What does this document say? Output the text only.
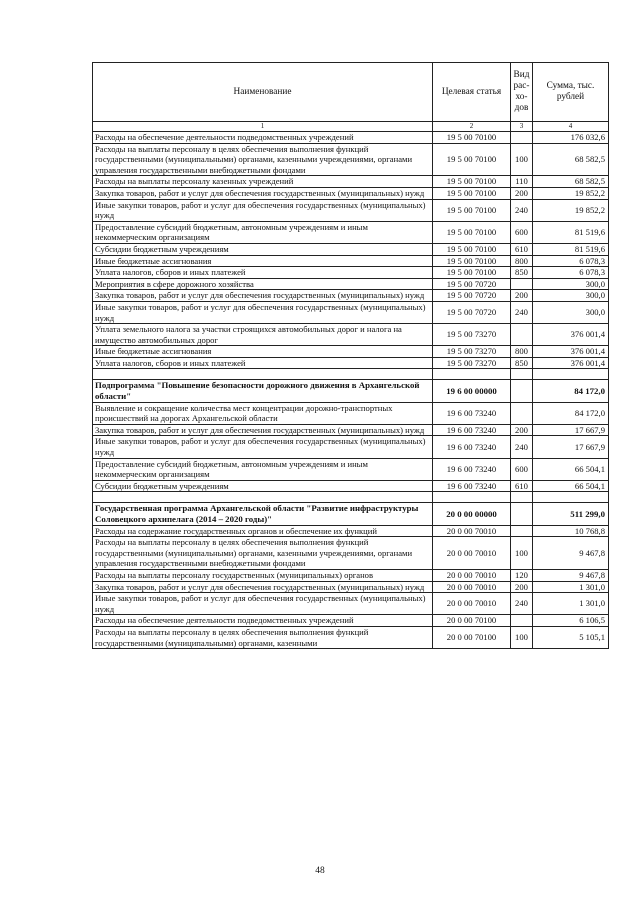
Наименование	Целевая статья	Вид рас-хо-дов	Сумма, тыс. рублей
1	2	3	4
Расходы на обеспечение деятельности подведомственных учреждений	19 5 00 70100		176 032,6
Расходы на выплаты персоналу в целях обеспечения выполнения функций государственными (муниципальными) органами, казенными учреждениями, органами управления государственными внебюджетными фондами	19 5 00 70100	100	68 582,5
Расходы на выплаты персоналу казенных учреждений	19 5 00 70100	110	68 582,5
Закупка товаров, работ и услуг для обеспечения государственных (муниципальных) нужд	19 5 00 70100	200	19 852,2
Иные закупки товаров, работ и услуг для обеспечения государственных (муниципальных) нужд	19 5 00 70100	240	19 852,2
Предоставление субсидий бюджетным, автономным учреждениям и иным некоммерческим организациям	19 5 00 70100	600	81 519,6
Субсидии бюджетным учреждениям	19 5 00 70100	610	81 519,6
Иные бюджетные ассигнования	19 5 00 70100	800	6 078,3
Уплата налогов, сборов и иных платежей	19 5 00 70100	850	6 078,3
Мероприятия в сфере дорожного хозяйства	19 5 00 70720		300,0
Закупка товаров, работ и услуг для обеспечения государственных (муниципальных) нужд	19 5 00 70720	200	300,0
Иные закупки товаров, работ и услуг для обеспечения государственных (муниципальных) нужд	19 5 00 70720	240	300,0
Уплата земельного налога за участки строящихся автомобильных дорог и налога на имущество автомобильных дорог	19 5 00 73270		376 001,4
Иные бюджетные ассигнования	19 5 00 73270	800	376 001,4
Уплата налогов, сборов и иных платежей	19 5 00 73270	850	376 001,4

Подпрограмма "Повышение безопасности дорожного движения в Архангельской области"	19 6 00 00000		84 172,0
Выявление и сокращение количества мест концентрации дорожно-транспортных происшествий на дорогах Архангельской области	19 6 00 73240		84 172,0
Закупка товаров, работ и услуг для обеспечения государственных (муниципальных) нужд	19 6 00 73240	200	17 667,9
Иные закупки товаров, работ и услуг для обеспечения государственных (муниципальных) нужд	19 6 00 73240	240	17 667,9
Предоставление субсидий бюджетным, автономным учреждениям и иным некоммерческим организациям	19 6 00 73240	600	66 504,1
Субсидии бюджетным учреждениям	19 6 00 73240	610	66 504,1

Государственная программа Архангельской области "Развитие инфраструктуры Соловецкого архипелага (2014 – 2020 годы)"	20 0 00 00000		511 299,0
Расходы на содержание государственных органов и обеспечение их функций	20 0 00 70010		10 768,8
Расходы на выплаты персоналу в целях обеспечения выполнения функций государственными (муниципальными) органами, казенными учреждениями, органами управления государственными внебюджетными фондами	20 0 00 70010	100	9 467,8
Расходы на выплаты персоналу государственных (муниципальных) органов	20 0 00 70010	120	9 467,8
Закупка товаров, работ и услуг для обеспечения государственных (муниципальных) нужд	20 0 00 70010	200	1 301,0
Иные закупки товаров, работ и услуг для обеспечения государственных (муниципальных) нужд	20 0 00 70010	240	1 301,0
Расходы на обеспечение деятельности подведомственных учреждений	20 0 00 70100		6 106,5
Расходы на выплаты персоналу в целях обеспечения выполнения функций государственными (муниципальными) органами, казенными	20 0 00 70100	100	5 105,1
48
